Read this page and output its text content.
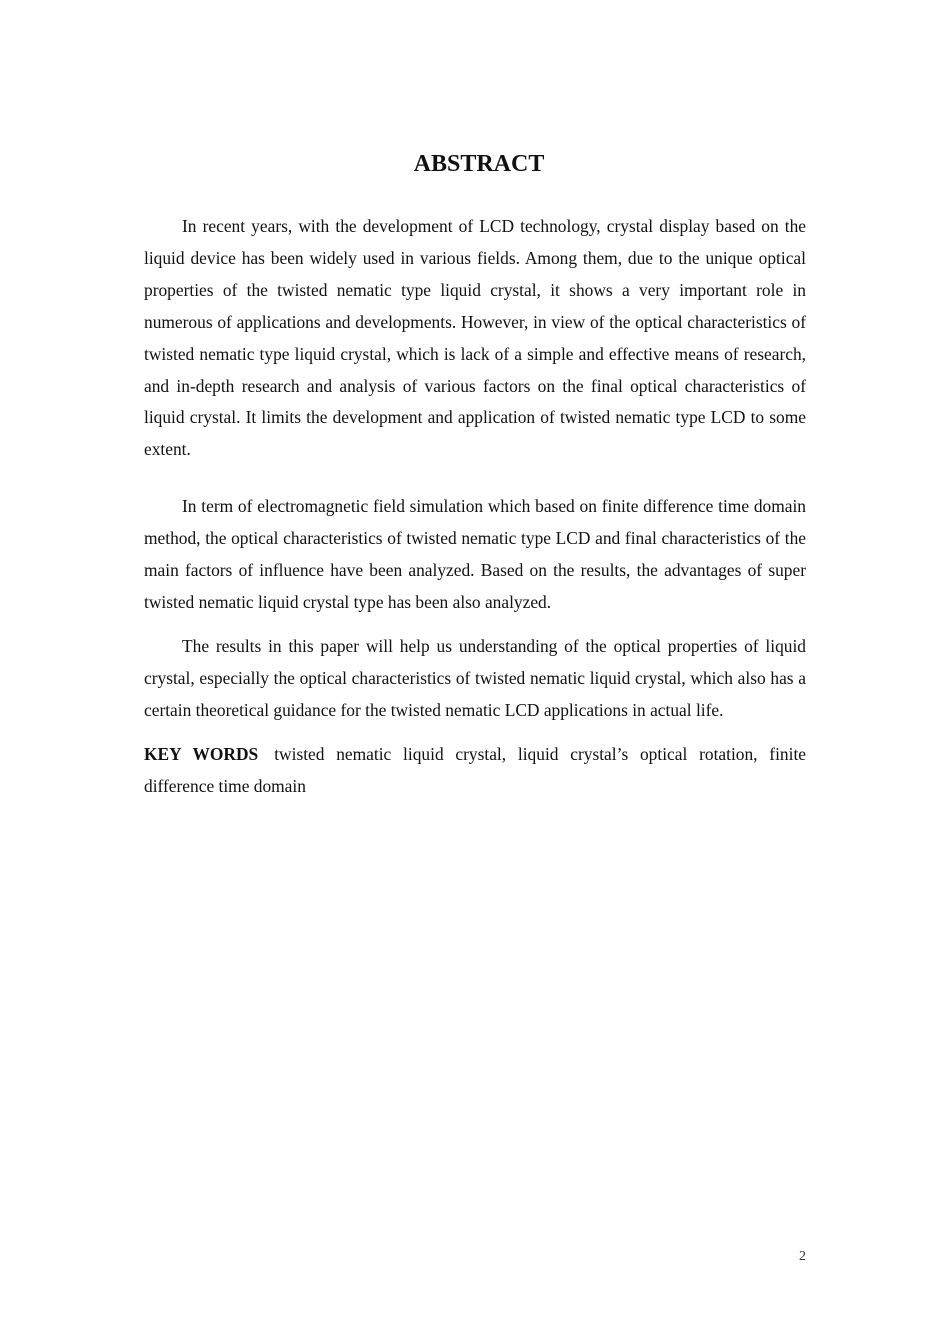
ABSTRACT

In recent years, with the development of LCD technology, crystal display based on the liquid device has been widely used in various fields. Among them, due to the unique optical properties of the twisted nematic type liquid crystal, it shows a very important role in numerous of applications and developments. However, in view of the optical characteristics of twisted nematic type liquid crystal, which is lack of a simple and effective means of research, and in-depth research and analysis of various factors on the final optical characteristics of liquid crystal. It limits the development and application of twisted nematic type LCD to some extent.

In term of electromagnetic field simulation which based on finite difference time domain method, the optical characteristics of twisted nematic type LCD and final characteristics of the main factors of influence have been analyzed. Based on the results, the advantages of super twisted nematic liquid crystal type has been also analyzed.

The results in this paper will help us understanding of the optical properties of liquid crystal, especially the optical characteristics of twisted nematic liquid crystal, which also has a certain theoretical guidance for the twisted nematic LCD applications in actual life.

KEY WORDS twisted nematic liquid crystal, liquid crystal’s optical rotation, finite difference time domain
2
